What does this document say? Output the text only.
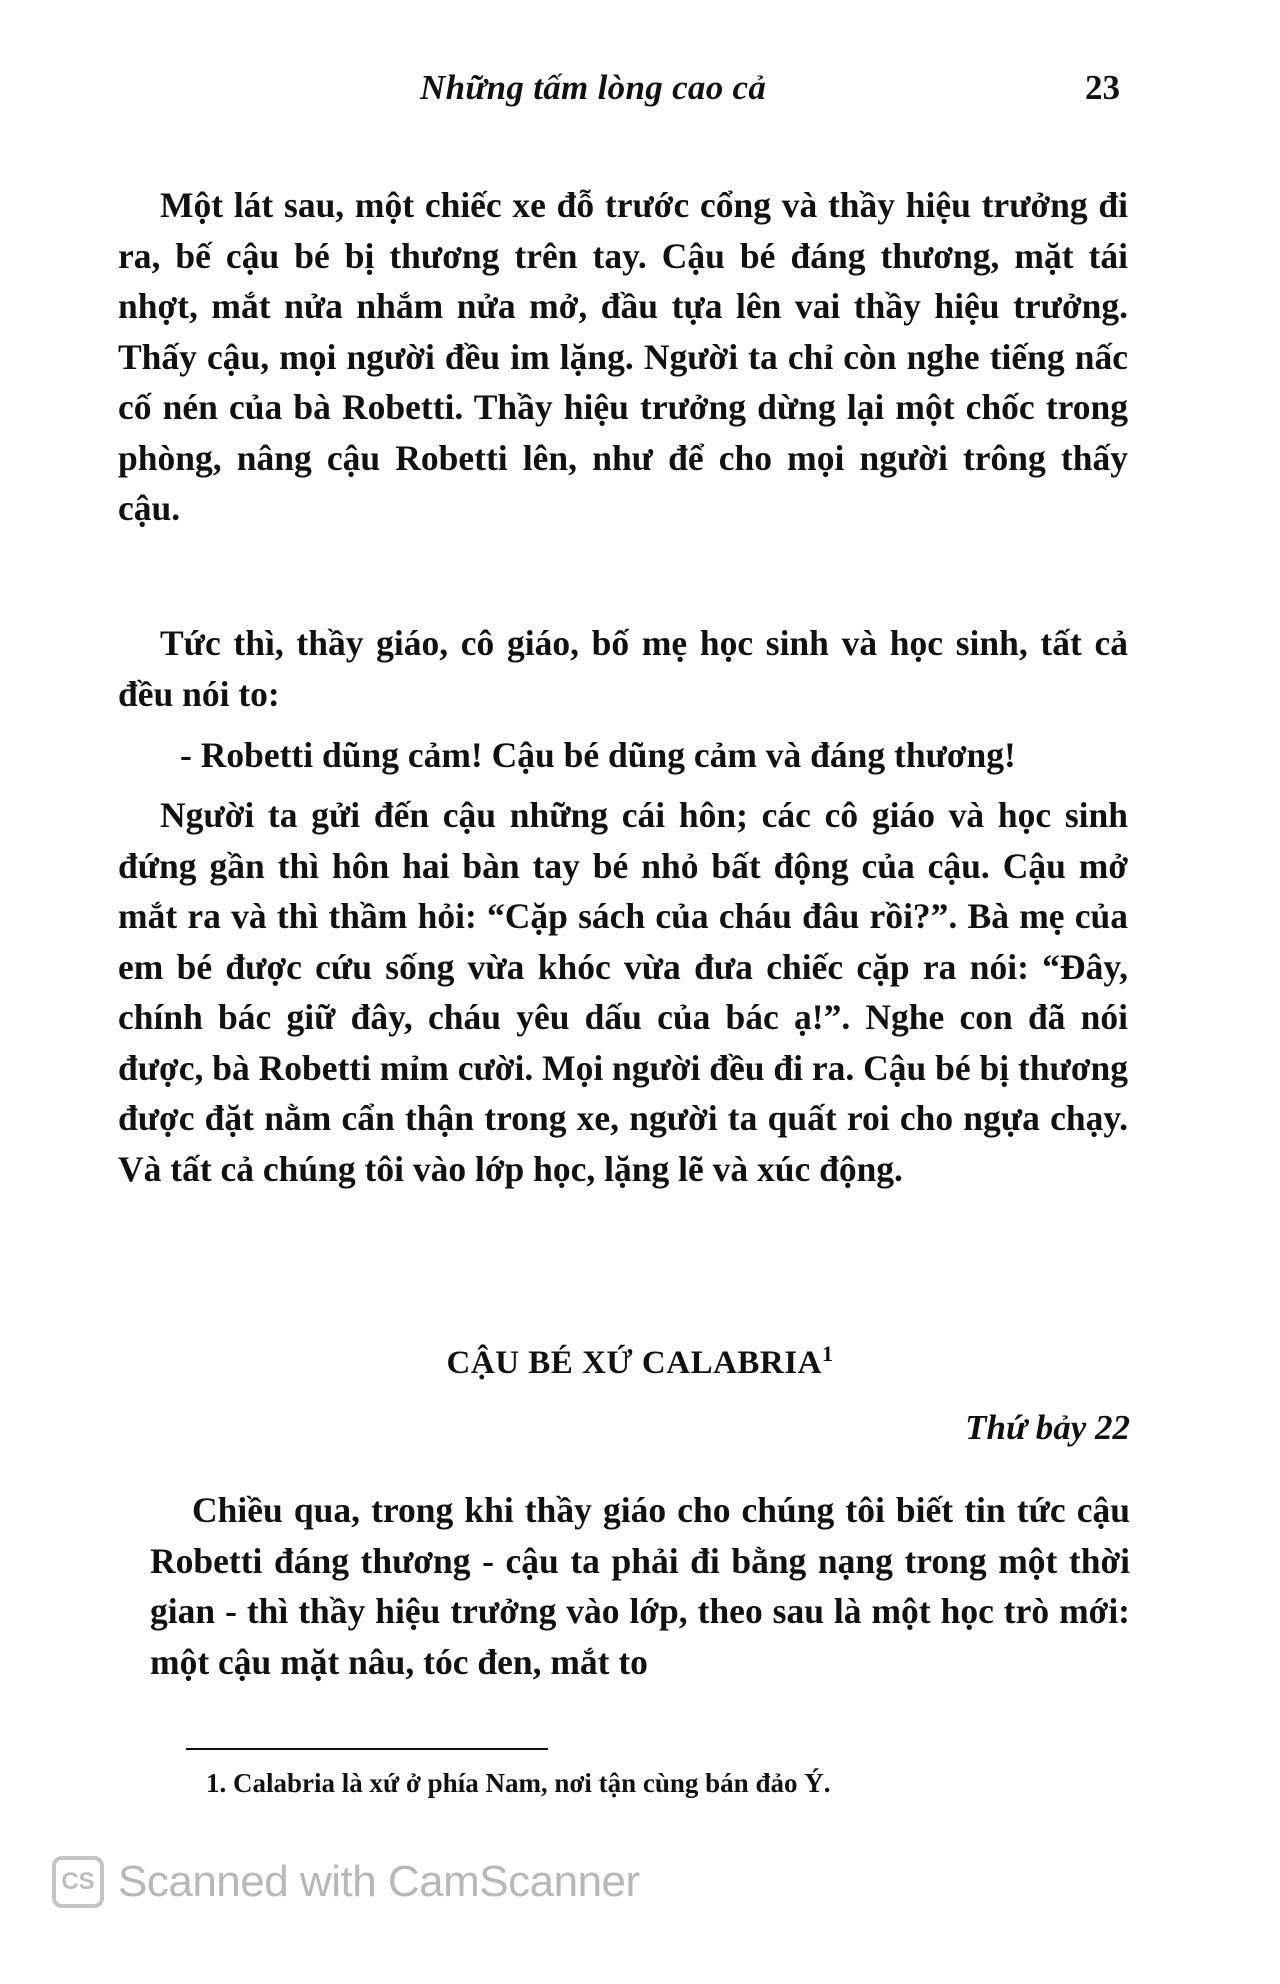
Những tấm lòng cao cả	23

Một lát sau, một chiếc xe đỗ trước cổng và thầy hiệu trưởng đi ra, bế cậu bé bị thương trên tay. Cậu bé đáng thương, mặt tái nhợt, mắt nửa nhắm nửa mở, đầu tựa lên vai thầy hiệu trưởng. Thấy cậu, mọi người đều im lặng. Người ta chỉ còn nghe tiếng nấc cố nén của bà Robetti. Thầy hiệu trưởng dừng lại một chốc trong phòng, nâng cậu Robetti lên, như để cho mọi người trông thấy cậu.

Tức thì, thầy giáo, cô giáo, bố mẹ học sinh và học sinh, tất cả đều nói to:

- Robetti dũng cảm! Cậu bé dũng cảm và đáng thương!

Người ta gửi đến cậu những cái hôn; các cô giáo và học sinh đứng gần thì hôn hai bàn tay bé nhỏ bất động của cậu. Cậu mở mắt ra và thì thầm hỏi: “Cặp sách của cháu đâu rồi?”. Bà mẹ của em bé được cứu sống vừa khóc vừa đưa chiếc cặp ra nói: “Đây, chính bác giữ đây, cháu yêu dấu của bác ạ!”. Nghe con đã nói được, bà Robetti mỉm cười. Mọi người đều đi ra. Cậu bé bị thương được đặt nằm cẩn thận trong xe, người ta quất roi cho ngựa chạy. Và tất cả chúng tôi vào lớp học, lặng lẽ và xúc động.

CẬU BÉ XỨ CALABRIA$^1$
Thứ bảy 22

Chiều qua, trong khi thầy giáo cho chúng tôi biết tin tức cậu Robetti đáng thương - cậu ta phải đi bằng nạng trong một thời gian - thì thầy hiệu trưởng vào lớp, theo sau là một học trò mới: một cậu mặt nâu, tóc đen, mắt to

1. Calabria là xứ ở phía Nam, nơi tận cùng bán đảo Ý.
CS Scanned with CamScanner
